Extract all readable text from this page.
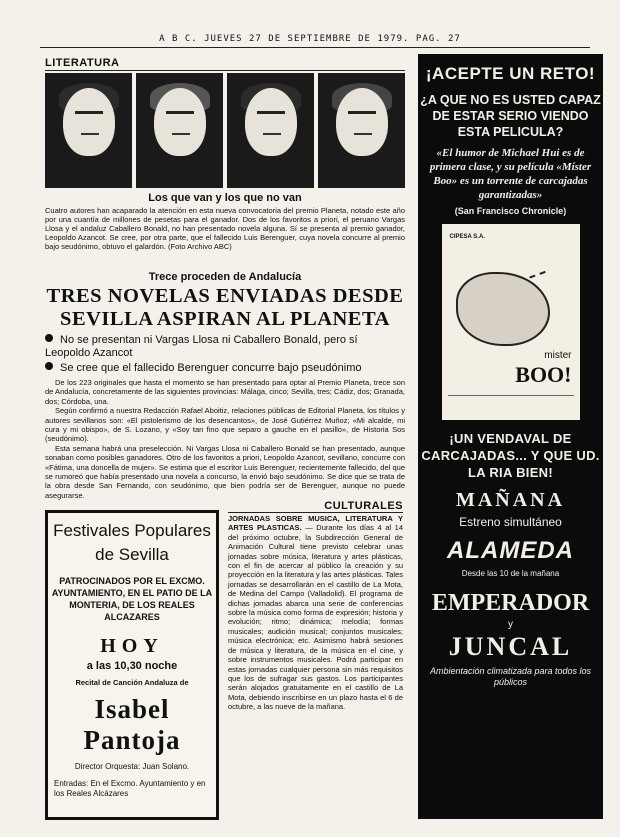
A B C. JUEVES 27 DE SEPTIEMBRE DE 1979. PAG. 27
LITERATURA
Los que van y los que no van
Cuatro autores han acaparado la atención en esta nueva convocatoria del premio Planeta, notado este año por una cuantía de millones de pesetas para el ganador. Dos de los favoritos a priori, el peruano Vargas Llosa y el andaluz Caballero Bonald, no han presentado novela alguna. Sí se presenta al premio ganador, Leopoldo Azancot. Se cree, por otra parte, que el fallecido Luis Berenguer, cuya novela concurre al premio bajo seudónimo, obtuvo el galardón. (Foto Archivo ABC)
Trece proceden de Andalucía
TRES NOVELAS ENVIADAS DESDE SEVILLA ASPIRAN AL PLANETA
No se presentan ni Vargas Llosa ni Caballero Bonald, pero sí Leopoldo Azancot
Se cree que el fallecido Berenguer concurre bajo pseudónimo

De los 223 originales que hasta el momento se han presentado para optar al Premio Planeta, trece son de Andalucía, concretamente de las siguientes provincias: Málaga, cinco; Sevilla, tres; Cádiz, dos; Granada, dos; Córdoba, una.

Según confirmó a nuestra Redacción Rafael Aboitiz, relaciones públicas de Editorial Planeta, los títulos y autores sevillanos son: «El pistolerismo de los desencantos», de José Gutiérrez Muñoz; «Mi alcalde, mi cura y mi obispo», de S. Lozano, y «Soy tan fino que separo a gauche en el pasillo», de Historia Sos (seudónimo).

Esta semana habrá una preselección. Ni Vargas Llosa ni Caballero Bonald se han presentado, aunque sonaban como posibles ganadores. Otro de los favoritos a priori, Leopoldo Azancot, sevillano, concurre con «Fátima, una doncella de mujer». Se estima que el escritor Luis Berenguer, recientemente fallecido, del que se rumoreó que había presentado una novela a concurso, la envió bajo seudónimo. Se dice que se trata de la obra desde San Fernando, con seudónimo, que bien podría ser de Berenguer, aunque no puede asegurarse.

Festivales Populares
de Sevilla
PATROCINADOS POR EL EXCMO. AYUNTAMIENTO, EN EL PATIO DE LA MONTERIA, DE LOS REALES ALCAZARES
HOY
a las 10,30 noche
Recital de Canción Andaluza de
Isabel Pantoja
Director Orquesta: Juan Solano.
Entradas: En el Excmo. Ayuntamiento y en los Reales Alcázares
CULTURALES
JORNADAS SOBRE MUSICA, LITERATURA Y ARTES PLASTICAS. — Durante los días 4 al 14 del próximo octubre, la Subdirección General de Animación Cultural tiene previsto celebrar unas jornadas sobre música, literatura y artes plásticas, con el fin de acercar al público la creación y su proyección en la literatura y las artes plásticas. Tales jornadas se desarrollarán en el castillo de La Mota, de Medina del Campo (Valladolid). El programa de dichas jornadas abarca una serie de conferencias sobre la música como forma de expresión; historia y evolución; ritmo; dinámica; melodía; formas musicales; audición musical; conjuntos musicales; música electrónica; etc. Asimismo habrá sesiones de música y literatura, de la música en el cine, y sobre instrumentos musicales. Podrá participar en estas jornadas cualquier persona sin más requisitos que los de sufragar sus gastos. Los participantes serán alojados gratuitamente en el castillo de La Mota, debiendo inscribirse en un plazo hasta el 6 de octubre, a las nueve de la mañana.
¡ACEPTE UN RETO!
¿A QUE NO ES USTED CAPAZ DE ESTAR SERIO VIENDO ESTA PELICULA?
«El humor de Michael Hui es de primera clase, y su película «Míster Boo» es un torrente de carcajadas garantizadas»
(San Francisco Chronicle)
CIPESA S.A.
mister
BOO!
¡UN VENDAVAL DE CARCAJADAS... Y QUE UD. LA RIA BIEN!
MAÑANA
Estreno simultáneo
ALAMEDA
Desde las 10 de la mañana
EMPERADOR
y
JUNCAL
Ambientación climatizada para todos los públicos
